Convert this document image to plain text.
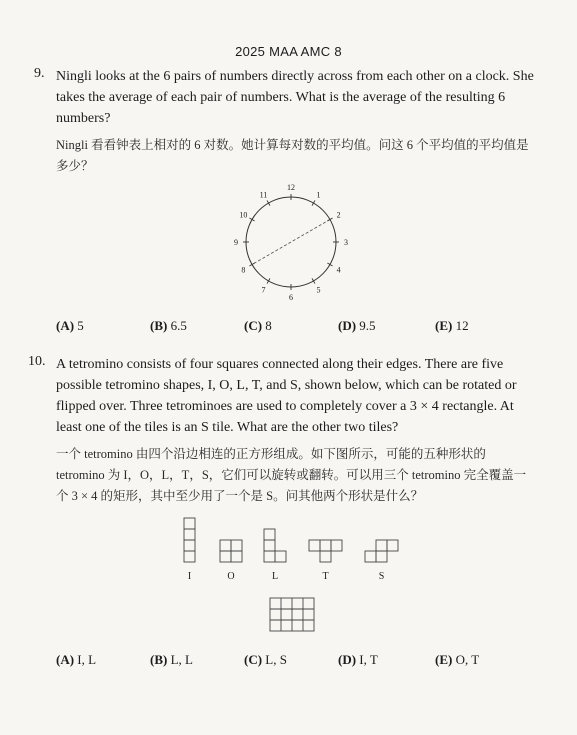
2025 MAA AMC 8
9. Ningli looks at the 6 pairs of numbers directly across from each other on a clock. She takes the average of each pair of numbers. What is the average of the resulting 6 numbers?
Ningli 看看钟表上相对的 6 对数。她计算每对数的平均值。问这 6 个平均值的平均值是多少？
12
1
2
3
4
5
6
7
8
9
10
11
(A) 5	(B) 6.5	(C) 8	(D) 9.5	(E) 12
10. A tetromino consists of four squares connected along their edges. There are five possible tetromino shapes, I, O, L, T, and S, shown below, which can be rotated or flipped over. Three tetrominoes are used to completely cover a 3 × 4 rectangle. At least one of the tiles is an S tile. What are the other two tiles?
一个 tetromino 由四个沿边相连的正方形组成。如下图所示，可能的五种形状的 tetromino 为 I，O，L，T，S，它们可以旋转或翻转。可以用三个 tetromino 完全覆盖一个 3 × 4 的矩形，其中至少用了一个是 S。问其他两个形状是什么？
I	O	L	T	S
(A) I, L	(B) L, L	(C) L, S	(D) I, T	(E) O, T
